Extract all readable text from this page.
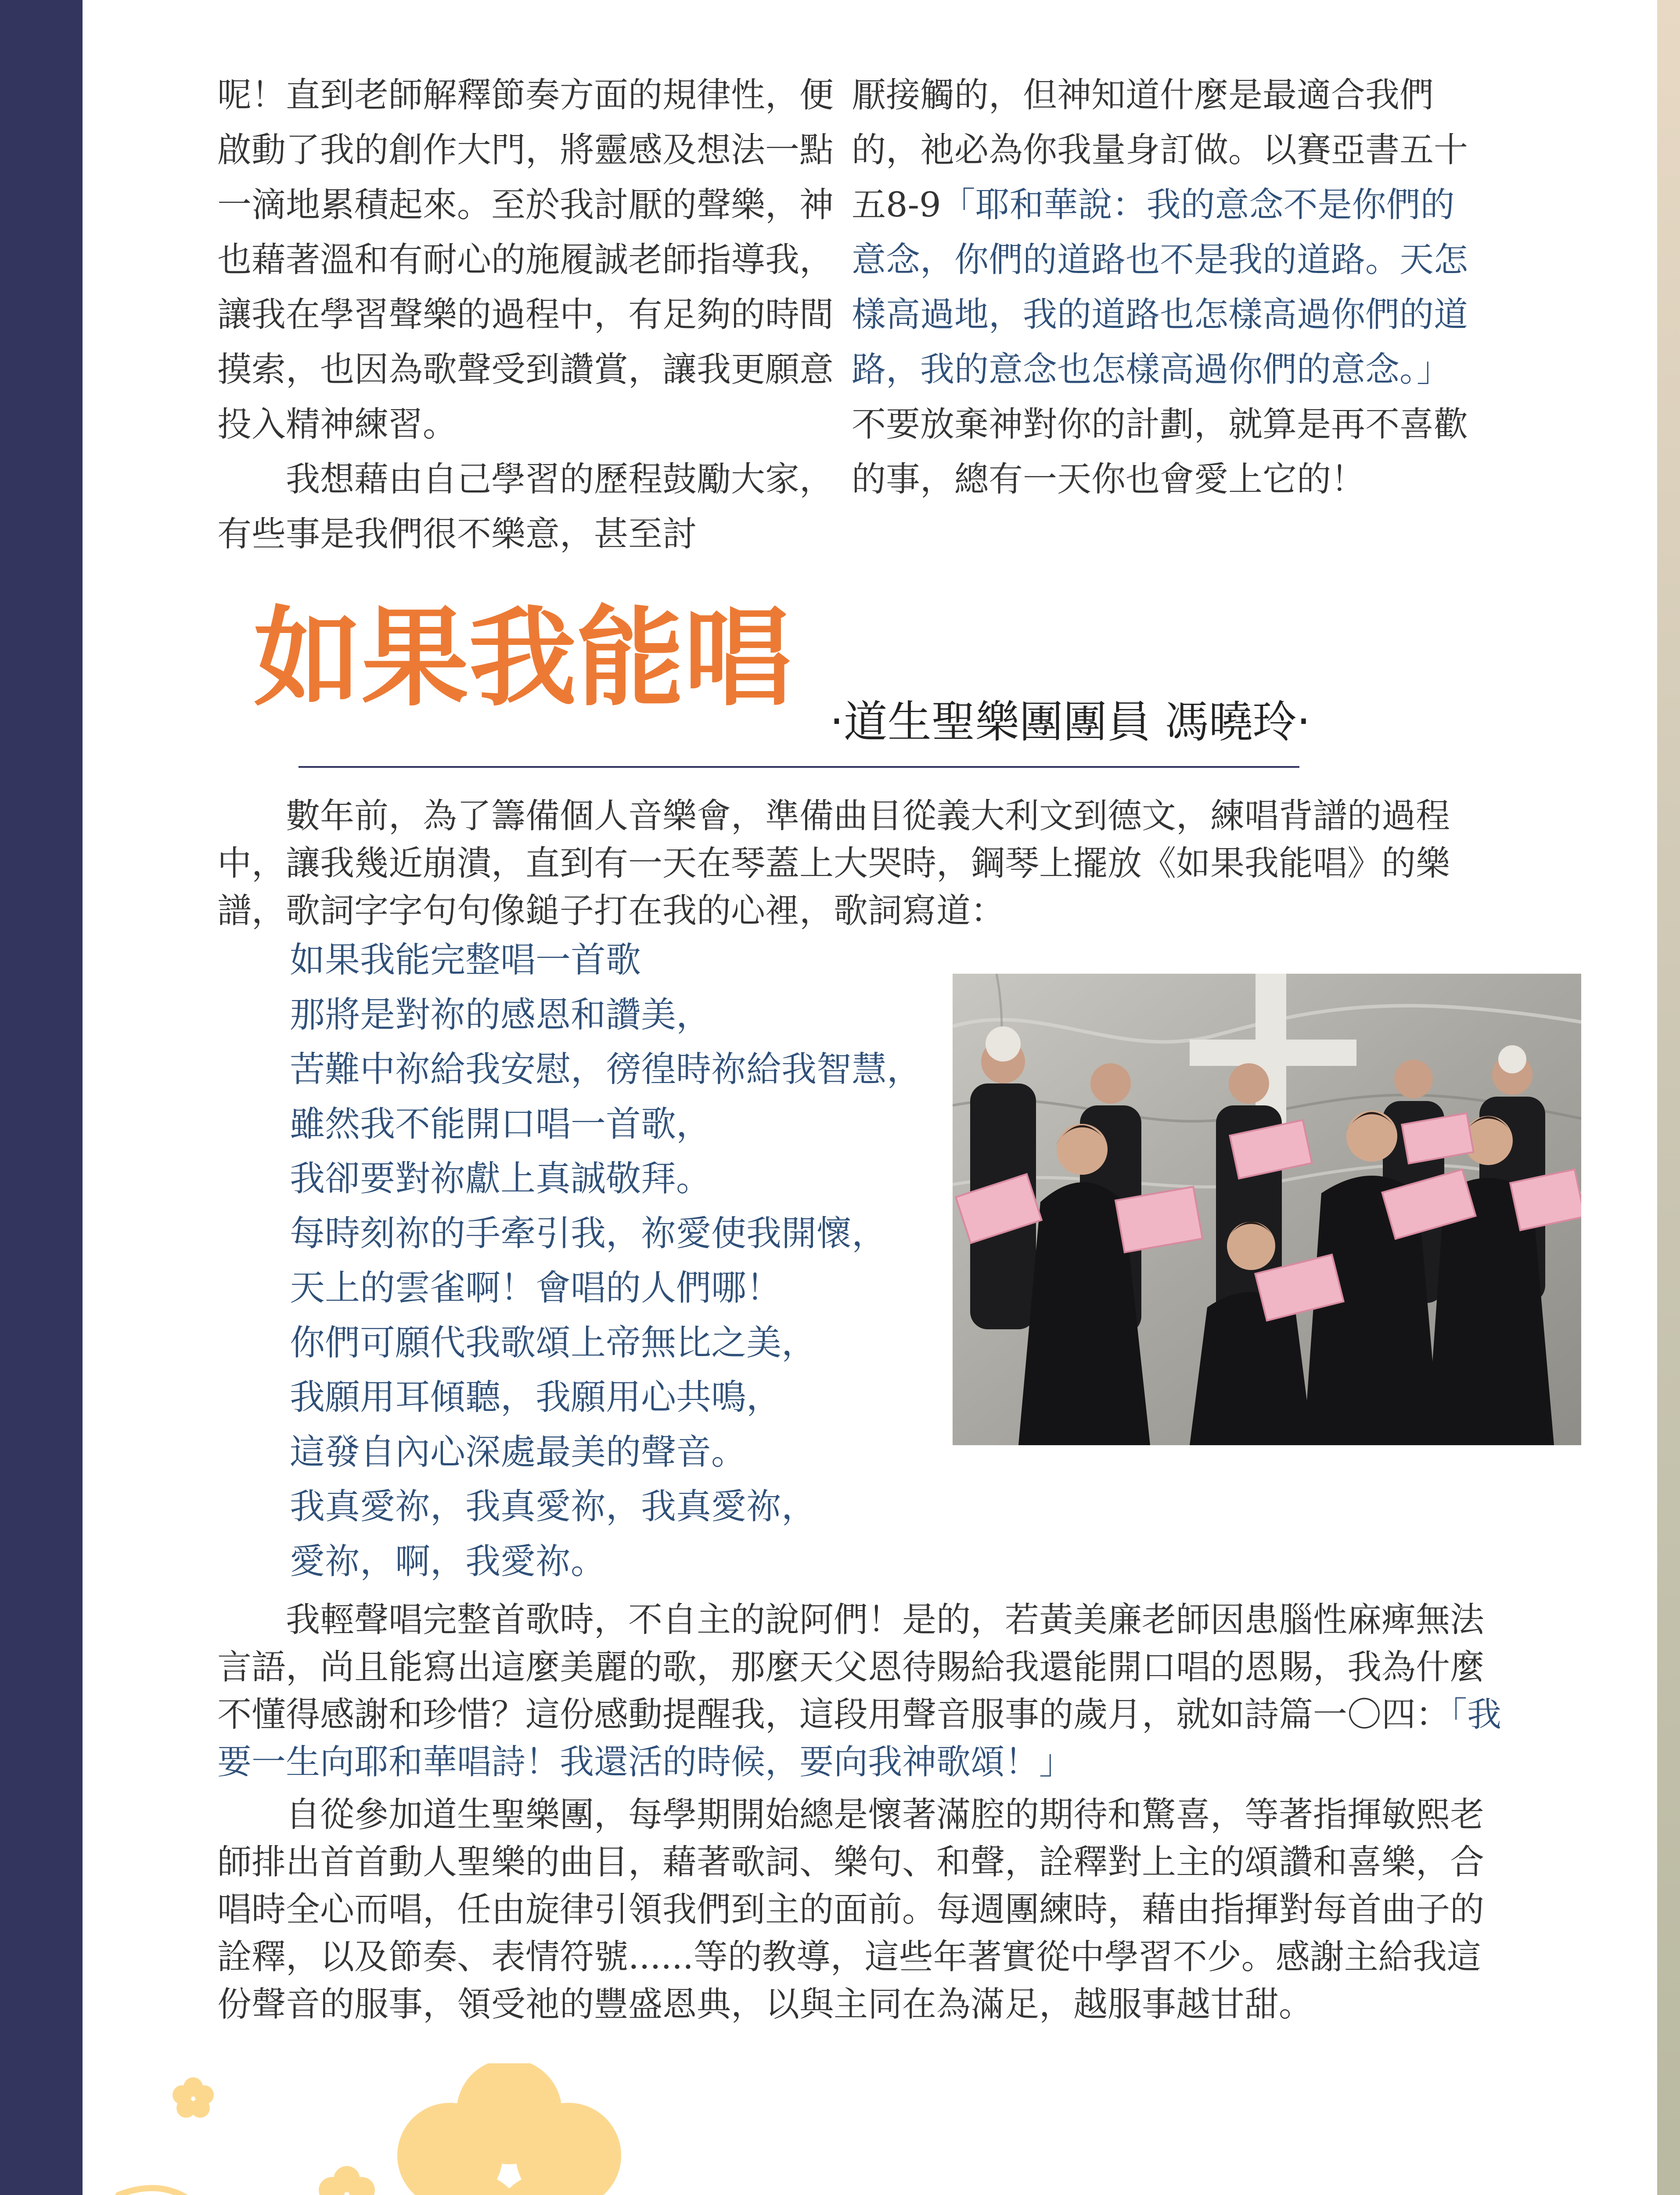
呢！直到老師解釋節奏方面的規律性，便啟動了我的創作大門，將靈感及想法一點一滴地累積起來。至於我討厭的聲樂，神也藉著溫和有耐心的施履誠老師指導我，讓我在學習聲樂的過程中，有足夠的時間摸索，也因為歌聲受到讚賞，讓我更願意投入精神練習。
我想藉由自己學習的歷程鼓勵大家，有些事是我們很不樂意，甚至討

厭接觸的，但神知道什麼是最適合我們的，祂必為你我量身訂做。以賽亞書五十五8-9「耶和華說：我的意念不是你們的意念，你們的道路也不是我的道路。天怎樣高過地，我的道路也怎樣高過你們的道路，我的意念也怎樣高過你們的意念。」不要放棄神對你的計劃，就算是再不喜歡的事，總有一天你也會愛上它的！

如果我能唱
‧道生聖樂團團員 馮曉玲‧

數年前，為了籌備個人音樂會，準備曲目從義大利文到德文，練唱背譜的過程中，讓我幾近崩潰，直到有一天在琴蓋上大哭時，鋼琴上擺放《如果我能唱》的樂譜，歌詞字字句句像鎚子打在我的心裡，歌詞寫道：

如果我能完整唱一首歌
那將是對祢的感恩和讚美，
苦難中祢給我安慰，徬徨時祢給我智慧，
雖然我不能開口唱一首歌，
我卻要對祢獻上真誠敬拜。
每時刻祢的手牽引我，祢愛使我開懷，
天上的雲雀啊！會唱的人們哪！
你們可願代我歌頌上帝無比之美，
我願用耳傾聽，我願用心共鳴，
這發自內心深處最美的聲音。
我真愛祢，我真愛祢，我真愛祢，
愛祢，啊，我愛祢。

我輕聲唱完整首歌時，不自主的說阿們！是的，若黃美廉老師因患腦性麻痺無法言語，尚且能寫出這麼美麗的歌，那麼天父恩待賜給我還能開口唱的恩賜，我為什麼不懂得感謝和珍惜？這份感動提醒我，這段用聲音服事的歲月，就如詩篇一〇四：「我要一生向耶和華唱詩！我還活的時候，要向我神歌頌！」

自從參加道生聖樂團，每學期開始總是懷著滿腔的期待和驚喜，等著指揮敏熙老師排出首首動人聖樂的曲目，藉著歌詞、樂句、和聲，詮釋對上主的頌讚和喜樂，合唱時全心而唱，任由旋律引領我們到主的面前。每週團練時，藉由指揮對每首曲子的詮釋，以及節奏、表情符號......等的教導，這些年著實從中學習不少。感謝主給我這份聲音的服事，領受祂的豐盛恩典，以與主同在為滿足，越服事越甘甜。
